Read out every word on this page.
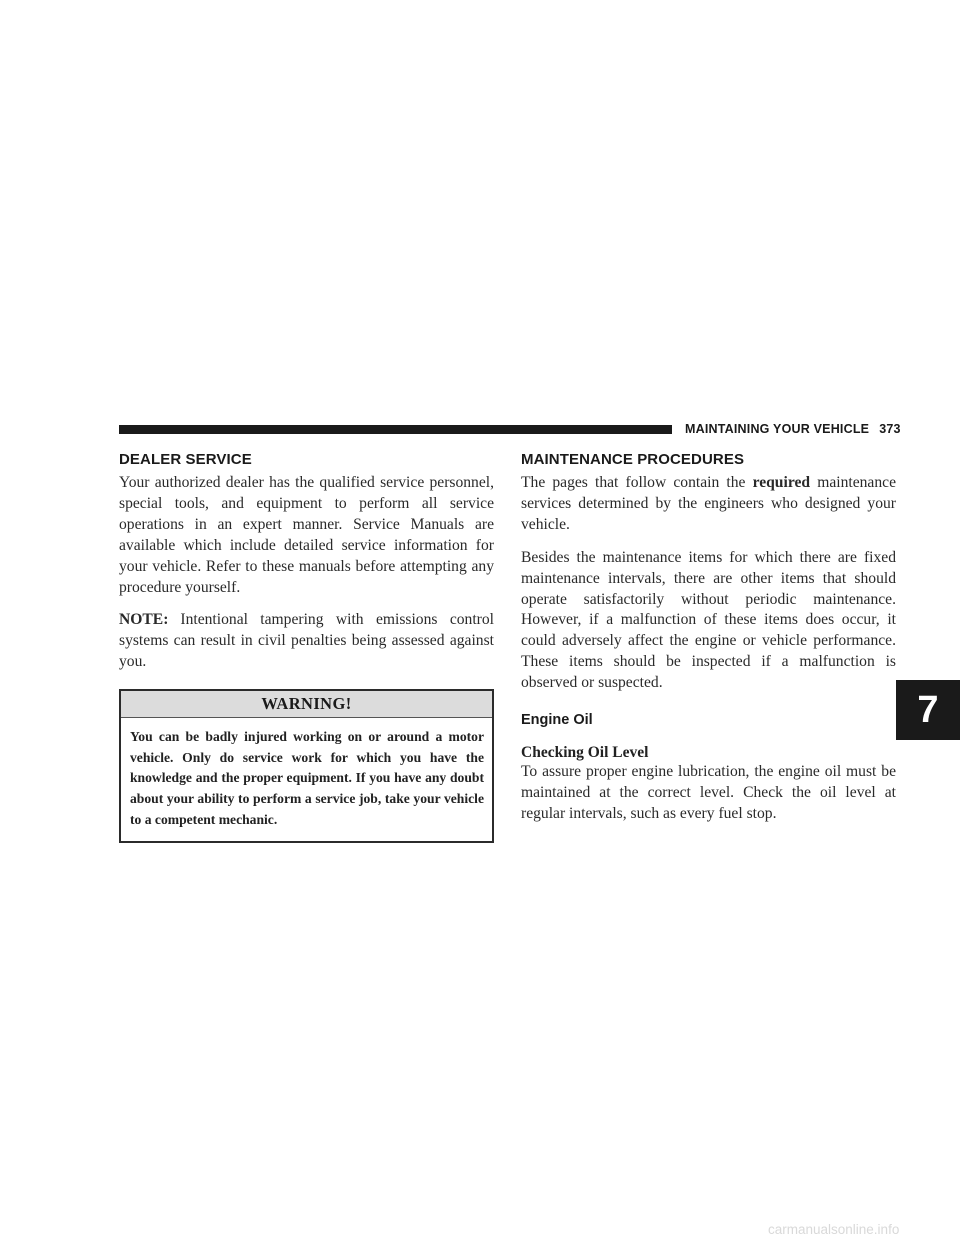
MAINTAINING YOUR VEHICLE 373
DEALER SERVICE

Your authorized dealer has the qualified service personnel, special tools, and equipment to perform all service operations in an expert manner. Service Manuals are available which include detailed service information for your vehicle. Refer to these manuals before attempting any procedure yourself.

NOTE: Intentional tampering with emissions control systems can result in civil penalties being assessed against you.

WARNING!
You can be badly injured working on or around a motor vehicle. Only do service work for which you have the knowledge and the proper equipment. If you have any doubt about your ability to perform a service job, take your vehicle to a competent mechanic.
MAINTENANCE PROCEDURES

The pages that follow contain the required maintenance services determined by the engineers who designed your vehicle.

Besides the maintenance items for which there are fixed maintenance intervals, there are other items that should operate satisfactorily without periodic maintenance. However, if a malfunction of these items does occur, it could adversely affect the engine or vehicle performance. These items should be inspected if a malfunction is observed or suspected.

Engine Oil
Checking Oil Level

To assure proper engine lubrication, the engine oil must be maintained at the correct level. Check the oil level at regular intervals, such as every fuel stop.

7
carmanualsonline.info
